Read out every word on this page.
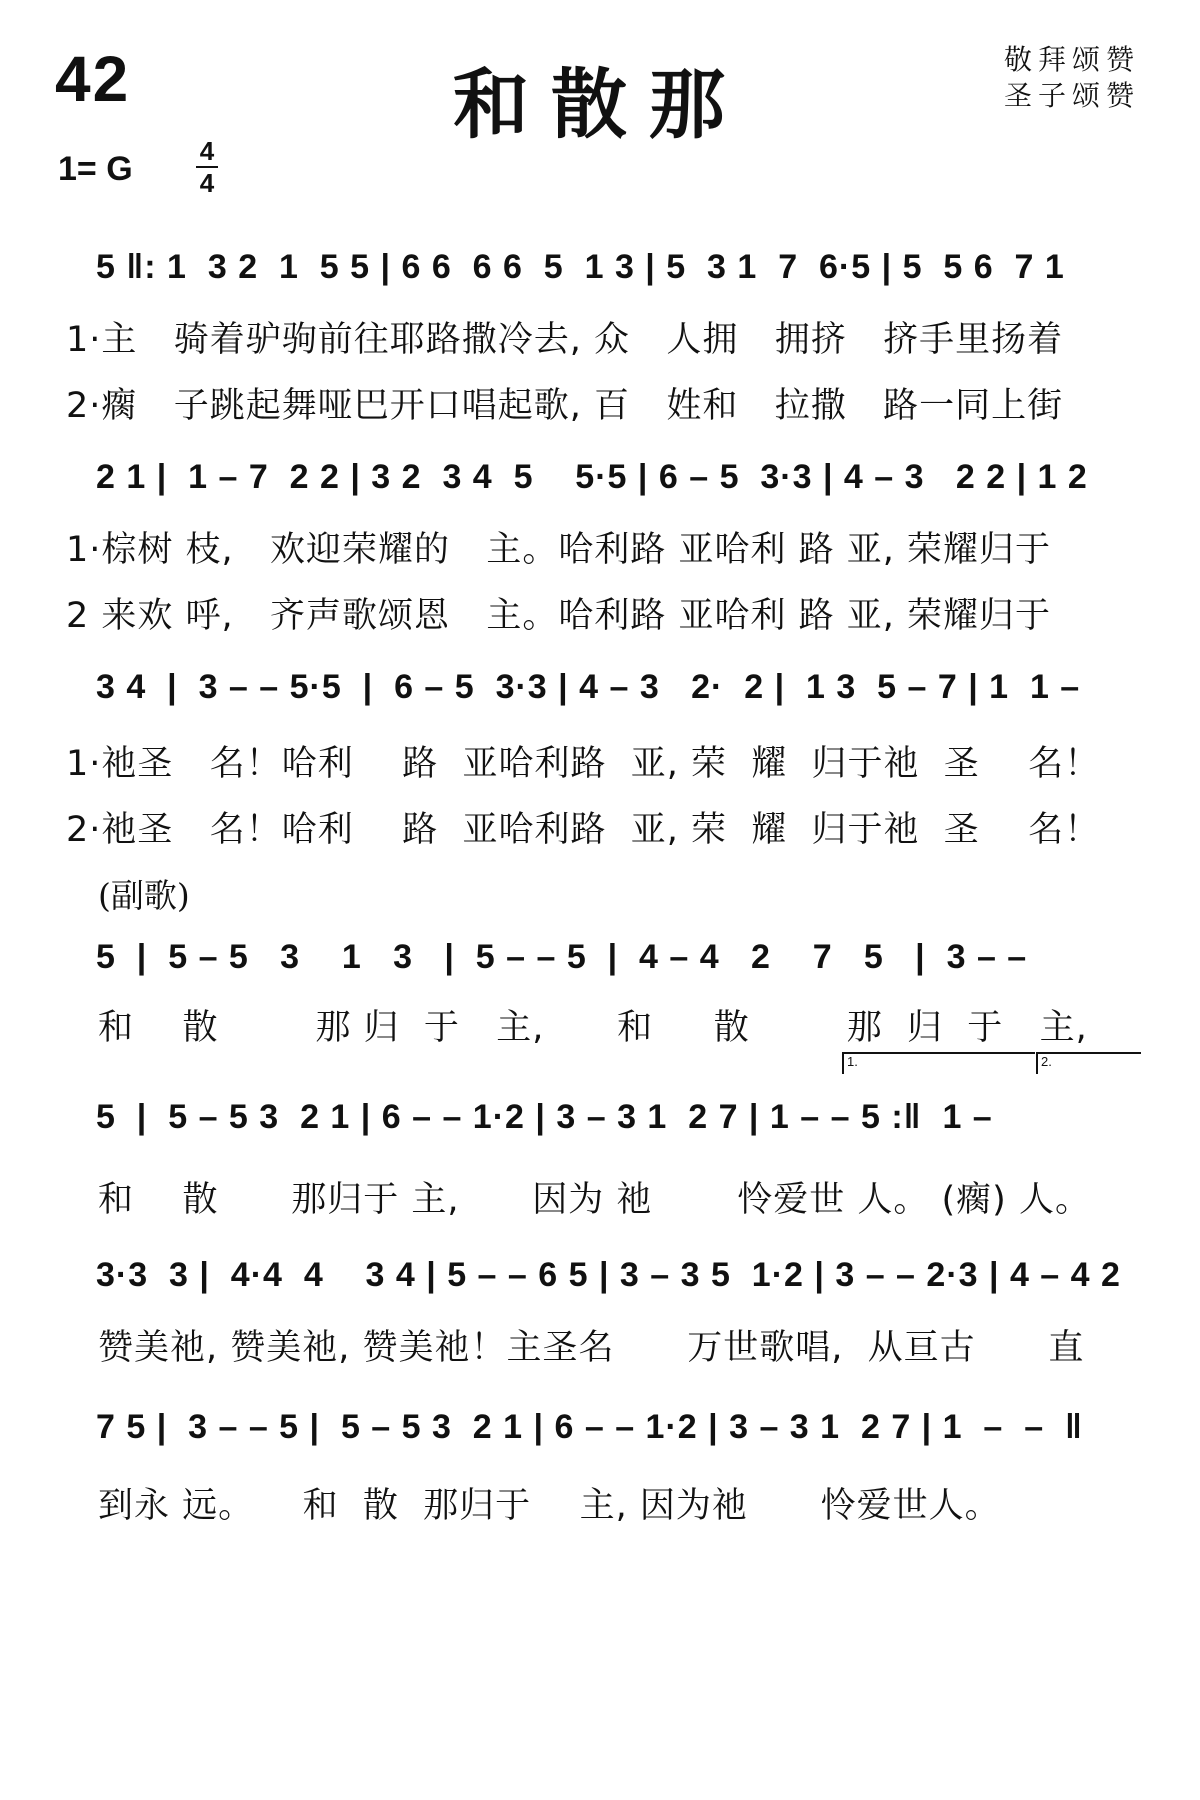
42	和散那
敬拜颂赞
圣子颂赞
1= G	4
4
5 ‖: 1  3 2  1  5 5 | 6 6  6 6  5  1 3 | 5  3 1  7  6·5 | 5  5 6  7 1
1·主   骑着驴驹前往耶路撒冷去, 众   人拥   拥挤   挤手里扬着
2·瘸   子跳起舞哑巴开口唱起歌, 百   姓和   拉撒   路一同上街
2 1 |  1 – 7  2 2 | 3 2  3 4  5    5·5 | 6 – 5  3·3 | 4 – 3   2 2 | 1 2
1·棕树 枝,   欢迎荣耀的   主。哈利路 亚哈利 路 亚, 荣耀归于
2 来欢 呼,   齐声歌颂恩   主。哈利路 亚哈利 路 亚, 荣耀归于
3 4  |  3 – – 5·5  |  6 – 5  3·3 | 4 – 3   2·  2 |  1 3  5 – 7 | 1  1 –
1·祂圣   名！哈利    路  亚哈利路  亚, 荣  耀  归于祂  圣    名！
2·祂圣   名！哈利    路  亚哈利路  亚, 荣  耀  归于祂  圣    名！
(副歌)
5  |  5 – 5   3    1   3   |  5 – – 5  |  4 – 4   2    7   5   |  3 – –
和    散        那 归  于   主,      和     散        那  归  于   主,
1.	2.
5  |  5 – 5 3  2 1 | 6 – – 1·2 | 3 – 3 1  2 7 | 1 – – 5 :‖  1 –
和    散      那归于 主,      因为 祂       怜爱世 人。 (瘸) 人。
3·3  3 |  4·4  4    3 4 | 5 – – 6 5 | 3 – 3 5  1·2 | 3 – – 2·3 | 4 – 4 2
赞美祂, 赞美祂, 赞美祂！主圣名      万世歌唱,  从亘古      直
7 5 |  3 – – 5 |  5 – 5 3  2 1 | 6 – – 1·2 | 3 – 3 1  2 7 | 1  –  –  ‖
到永 远。    和  散  那归于    主, 因为祂      怜爱世人。
